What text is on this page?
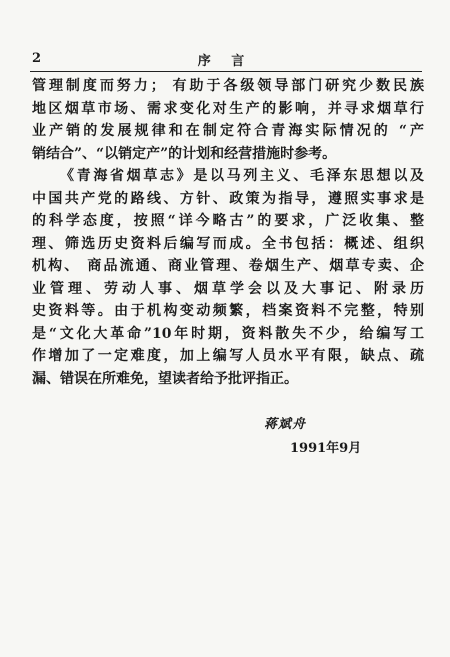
2	序 言
管理制度而努力； 有助于各级领导部门研究少数民族
地区烟草市场、需求变化对生产的影响，并寻求烟草行
业产销的发展规律和在制定符合青海实际情况的 “产
销结合”、“以销定产”的计划和经营措施时参考。
《青海省烟草志》是以马列主义、毛泽东思想以及
中国共产党的路线、方针、政策为指导，遵照实事求是
的科学态度，按照“详今略古”的要求，广泛收集、整
理、筛选历史资料后编写而成。全书包括：概述、组织
机构、 商品流通、商业管理、卷烟生产、烟草专卖、企
业管理、劳动人事、烟草学会以及大事记、附录历
史资料等。由于机构变动频繁，档案资料不完整，特别
是“文化大革命”10年时期，资料散失不少，给编写工
作增加了一定难度，加上编写人员水平有限，缺点、疏
漏、错误在所难免，望读者给予批评指正。
蒋斌舟
1991年9月
